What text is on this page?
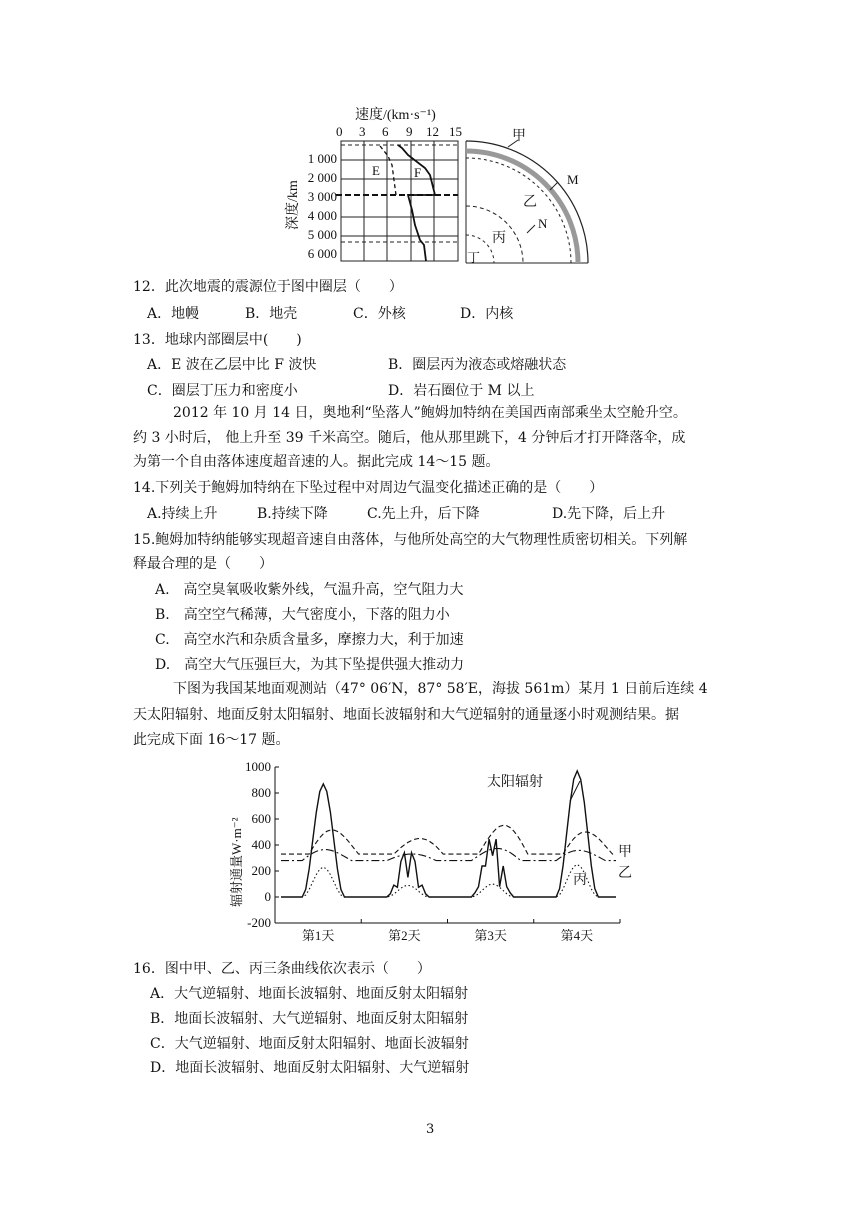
速度/(km·s⁻¹)
0 3 6 9 12 15
深度/km
1 000
2 000
3 000
4 000
5 000
6 000
E	F
甲
M
乙
N
丙
丁
12．此次地震的震源位于图中圈层（　　）
A．地幔	B．地壳	C．外核	D．内核
13．地球内部圈层中(　　)
A．E 波在乙层中比 F 波快	B．圈层丙为液态或熔融状态
C．圈层丁压力和密度小	D．岩石圈位于 M 以上
2012 年 10 月 14 日，奥地利“坠落人”鲍姆加特纳在美国西南部乘坐太空舱升空。
约 3 小时后， 他上升至 39 千米高空。随后，他从那里跳下，4 分钟后才打开降落伞，成
为第一个自由落体速度超音速的人。据此完成 14～15 题。
14.下列关于鲍姆加特纳在下坠过程中对周边气温变化描述正确的是（　　）
A.持续上升	B.持续下降	C.先上升，后下降	D.先下降，后上升
15.鲍姆加特纳能够实现超音速自由落体，与他所处高空的大气物理性质密切相关。下列解
释最合理的是（　　）
A.　高空臭氧吸收紫外线，气温升高，空气阻力大
B.　高空空气稀薄，大气密度小，下落的阻力小
C.　高空水汽和杂质含量多，摩擦力大，利于加速
D.　高空大气压强巨大，为其下坠提供强大推动力
下图为我国某地面观测站（47° 06′N，87° 58′E，海拔 561m）某月 1 日前后连续 4
天太阳辐射、地面反射太阳辐射、地面长波辐射和大气逆辐射的通量逐小时观测结果。据
此完成下面 16～17 题。
辐射通量W·m⁻²
1000
800
600
400
200
0
-200
第1天	第2天	第3天	第4天
太阳辐射
甲
乙
丙
16．图中甲、乙、丙三条曲线依次表示（　　）
A．大气逆辐射、地面长波辐射、地面反射太阳辐射
B．地面长波辐射、大气逆辐射、地面反射太阳辐射
C．大气逆辐射、地面反射太阳辐射、地面长波辐射
D．地面长波辐射、地面反射太阳辐射、大气逆辐射
3
